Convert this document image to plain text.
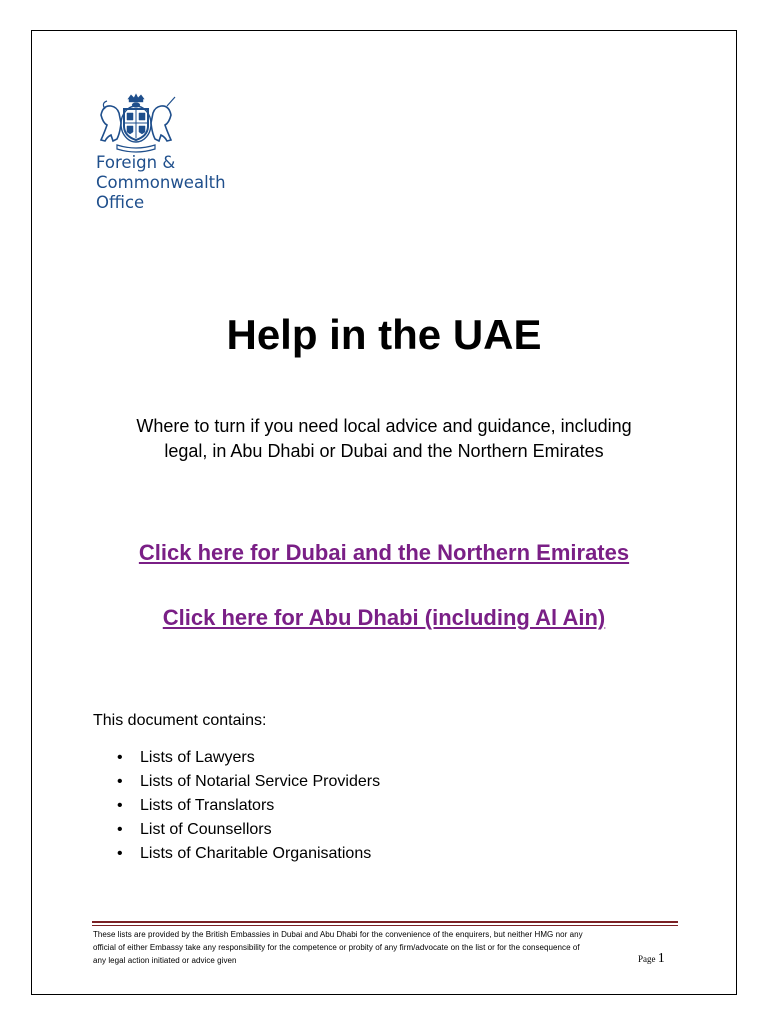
Foreign &
Commonwealth
Office
Help in the UAE
Where to turn if you need local advice and guidance, including
legal, in Abu Dhabi or Dubai and the Northern Emirates
Click here for Dubai and the Northern Emirates
Click here for Abu Dhabi (including Al Ain)
This document contains:
• Lists of Lawyers
• Lists of Notarial Service Providers
• Lists of Translators
• List of Counsellors
• Lists of Charitable Organisations
These lists are provided by the British Embassies in Dubai and Abu Dhabi for the convenience of the enquirers, but neither HMG nor any
official of either Embassy take any responsibility for the competence or probity of any firm/advocate on the list or for the consequence of
any legal action initiated or advice given	Page 1
